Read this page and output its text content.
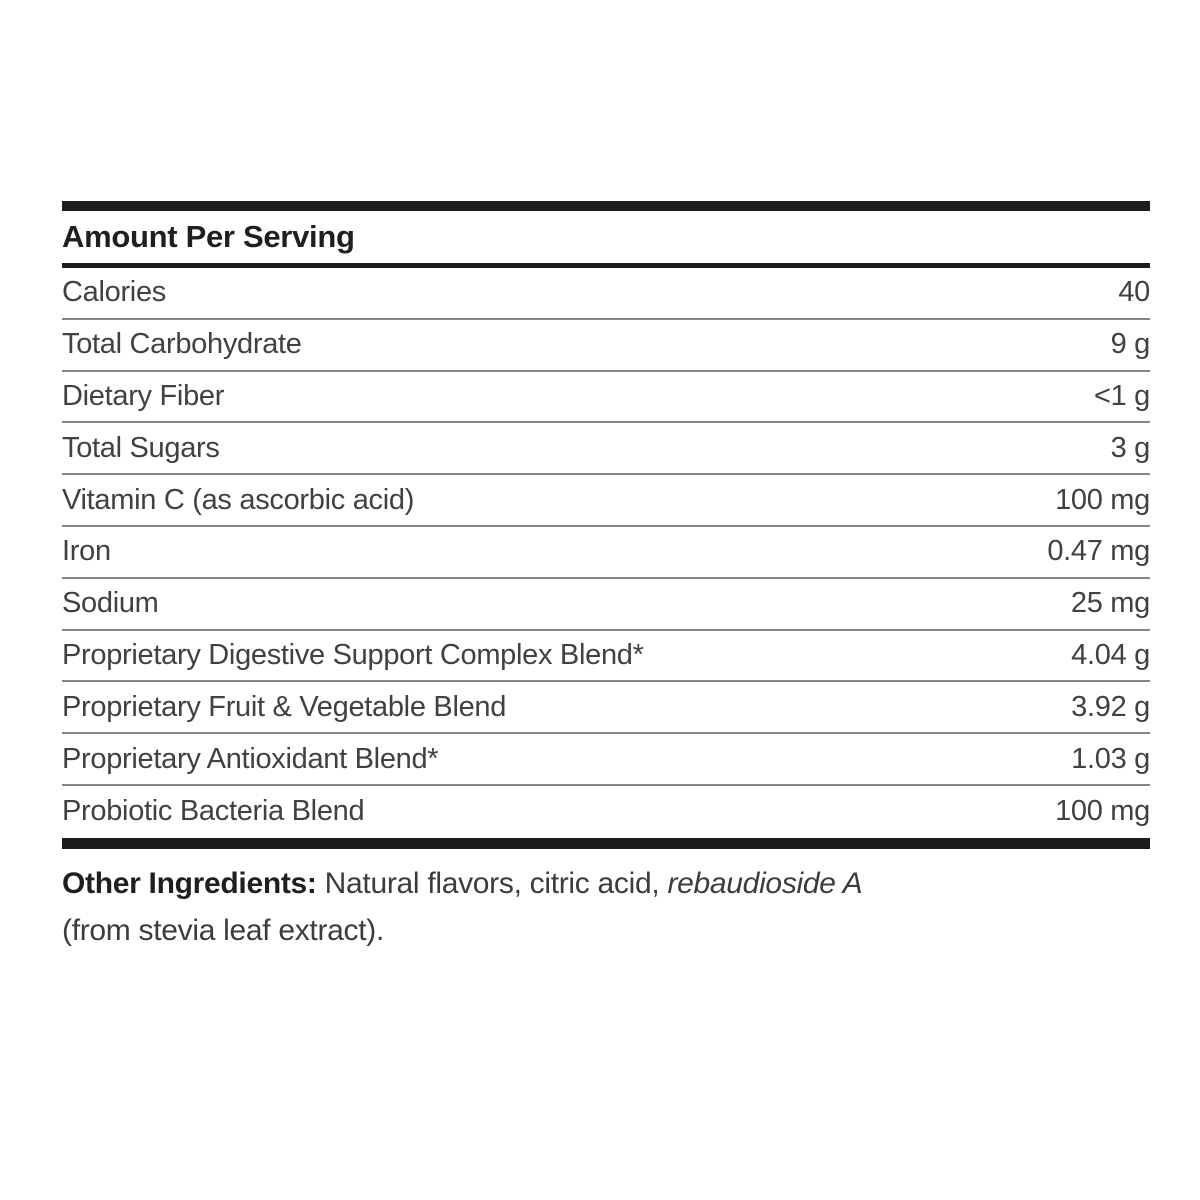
Amount Per Serving
Calories	40
Total Carbohydrate	9 g
Dietary Fiber	<1 g
Total Sugars	3 g
Vitamin C (as ascorbic acid)	100 mg
Iron	0.47 mg
Sodium	25 mg
Proprietary Digestive Support Complex Blend*	4.04 g
Proprietary Fruit & Vegetable Blend	3.92 g
Proprietary Antioxidant Blend*	1.03 g
Probiotic Bacteria Blend	100 mg

Other Ingredients: Natural flavors, citric acid, rebaudioside A
(from stevia leaf extract).
